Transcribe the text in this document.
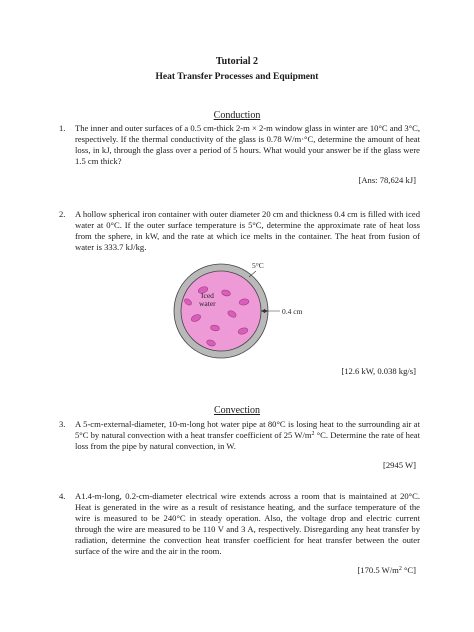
Tutorial 2
Heat Transfer Processes and Equipment
Conduction
1. The inner and outer surfaces of a 0.5 cm-thick 2-m × 2-m window glass in winter are 10°C and 3°C, respectively. If the thermal conductivity of the glass is 0.78 W/m·°C, determine the amount of heat loss, in kJ, through the glass over a period of 5 hours. What would your answer be if the glass were 1.5 cm thick?
[Ans: 78,624 kJ]
2. A hollow spherical iron container with outer diameter 20 cm and thickness 0.4 cm is filled with iced water at 0°C. If the outer surface temperature is 5°C, determine the approximate rate of heat loss from the sphere, in kW, and the rate at which ice melts in the container. The heat from fusion of water is 333.7 kJ/kg.
Iced
water
5°C
0.4 cm
[12.6 kW, 0.038 kg/s]
Convection
3. A 5-cm-external-diameter, 10-m-long hot water pipe at 80°C is losing heat to the surrounding air at 5°C by natural convection with a heat transfer coefficient of 25 $W/m^2$ °C. Determine the rate of heat loss from the pipe by natural convection, in W.
[2945 W]
4. A1.4-m-long, 0.2-cm-diameter electrical wire extends across a room that is maintained at 20°C. Heat is generated in the wire as a result of resistance heating, and the surface temperature of the wire is measured to be 240°C in steady operation. Also, the voltage drop and electric current through the wire are measured to be 110 V and 3 A, respectively. Disregarding any heat transfer by radiation, determine the convection heat transfer coefficient for heat transfer between the outer surface of the wire and the air in the room.
[170.5 $W/m^2$ °C]
